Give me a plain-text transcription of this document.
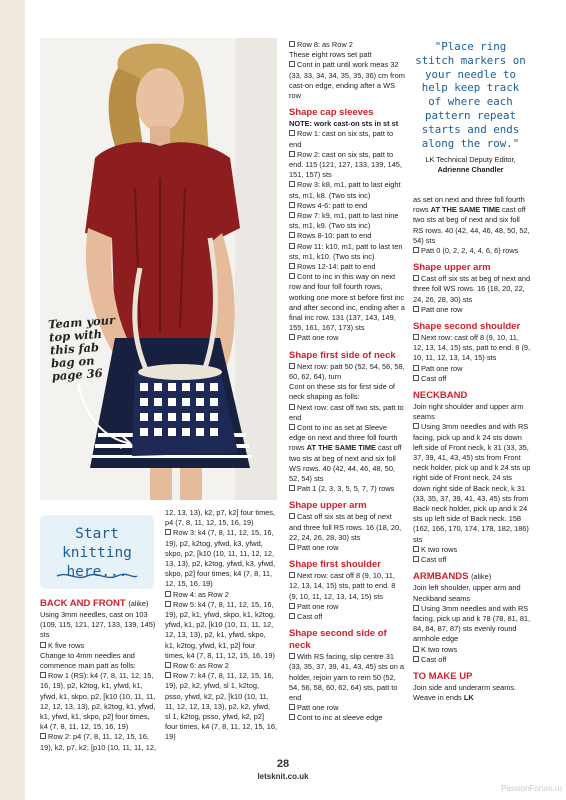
Team your top with this fab bag on page 36
Start
knitting
here...

BACK AND FRONT (alike)

Using 3mm needles, cast on 103 (109, 115, 121, 127, 133, 139, 145) sts

K five rows

Change to 4mm needles and commence main patt as folls:

Row 1 (RS): k4 (7, 8, 11, 12, 15, 16, 19), p2, k2tog, k1, yfwd, k1, yfwd, k1, skpo, p2, [k10 (10, 11, 11, 12, 12, 13, 13), p2, k2tog, k1, yfwd, k1, yfwd, k1, skpo, p2] four times, k4 (7, 8, 11, 12, 15, 16, 19)

Row 2: p4 (7, 8, 11, 12, 15, 16, 19), k2, p7, k2, [p10 (10, 11, 11, 12,

12, 13, 13), k2, p7, k2] four times, p4 (7, 8, 11, 12, 15, 16, 19)

Row 3: k4 (7, 8, 11, 12, 15, 16, 19), p2, k2tog, yfwd, k3, yfwd, skpo, p2, [k10 (10, 11, 11, 12, 12, 13, 13), p2, k2tog, yfwd, k3, yfwd, skpo, p2] four times, k4 (7, 8, 11, 12, 15, 16, 19)

Row 4: as Row 2

Row 5: k4 (7, 8, 11, 12, 15, 16, 19), p2, k1, yfwd, skpo, k1, k2tog, yfwd, k1, p2, [k10 (10, 11, 11, 12, 12, 13, 13), p2, k1, yfwd, skpo, k1, k2tog, yfwd, k1, p2] four times, k4 (7, 8, 11, 12, 15, 16, 19)

Row 6: as Row 2

Row 7: k4 (7, 8, 11, 12, 15, 16, 19), p2, k2, yfwd, sl 1, k2tog, psso, yfwd, k2, p2, [k10 (10, 11, 11, 12, 12, 13, 13), p2, k2, yfwd, sl 1, k2tog, psso, yfwd, k2, p2] four times, k4 (7, 8, 11, 12, 15, 16, 19)

Row 8: as Row 2

These eight rows set patt

Cont in patt until work meas 32 (33, 33, 34, 34, 35, 35, 36) cm from cast-on edge, ending after a WS row

Shape cap sleeves

NOTE: work cast-on sts in st st

Row 1: cast on six sts, patt to end

Row 2: cast on six sts, patt to end. 115 (121, 127, 133, 139, 145, 151, 157) sts

Row 3: k8, m1, patt to last eight sts, m1, k8. (Two sts inc)

Rows 4-6: patt to end

Row 7: k9, m1, patt to last nine sts, m1, k9. (Two sts inc)

Rows 8-10: patt to end

Row 11: k10, m1, patt to last ten sts, m1, k10. (Two sts inc)

Rows 12-14: patt to end

Cont to inc in this way on next row and four foll fourth rows, working one more st before first inc and after second inc, ending after a final inc row. 131 (137, 143, 149, 155, 161, 167, 173) sts

Patt one row

Shape first side of neck

Next row: patt 50 (52, 54, 56, 58, 60, 62, 64), turn

Cont on these sts for first side of neck shaping as folls:

Next row: cast off two sts, patt to end

Cont to inc as set at Sleeve edge on next and three foll fourth rows AT THE SAME TIME cast off two sts at beg of next and six foll WS rows. 40 (42, 44, 46, 48, 50, 52, 54) sts

Patt 1 (2, 3, 3, 5, 5, 7, 7) rows

Shape upper arm

Cast off six sts at beg of next and three foll RS rows. 16 (18, 20, 22, 24, 26, 28, 30) sts

Patt one row

Shape first shoulder

Next row: cast off 8 (9, 10, 11, 12, 13, 14, 15) sts, patt to end. 8 (9, 10, 11, 12, 13, 14, 15) sts

Patt one row

Cast off

Shape second side of neck

With RS facing, slip centre 31 (33, 35, 37, 39, 41, 43, 45) sts on a holder, rejoin yarn to rem 50 (52, 54, 56, 58, 60, 62, 64) sts, patt to end

Patt one row

Cont to inc at sleeve edge

"Place ring stitch markers on your needle to help keep track of where each pattern repeat starts and ends along the row."
LK Technical Deputy Editor,
Adrienne Chandler

as set on next and three foll fourth rows AT THE SAME TIME cast off two sts at beg of next and six foll RS rows. 40 (42, 44, 46, 48, 50, 52, 54) sts

Patt 0 (0, 2, 2, 4, 4, 6, 6) rows

Shape upper arm

Cast off six sts at beg of next and three foll WS rows. 16 (18, 20, 22, 24, 26, 28, 30) sts

Patt one row

Shape second shoulder

Next row: cast off 8 (9, 10, 11, 12, 13, 14, 15) sts, patt to end. 8 (9, 10, 11, 12, 13, 14, 15) sts

Patt one row

Cast off

NECKBAND

Join right shoulder and upper arm seams

Using 3mm needles and with RS facing, pick up and k 24 sts down left side of Front neck, k 31 (33, 35, 37, 39, 41, 43, 45) sts from Front neck holder, pick up and k 24 sts up right side of Front neck, 24 sts down right side of Back neck, k 31 (33, 35, 37, 39, 41, 43, 45) sts from Back neck holder, pick up and k 24 sts up left side of Back neck. 158 (162, 166, 170, 174, 178, 182, 186) sts

K two rows

Cast off

ARMBANDS (alike)

Join left shoulder, upper arm and Neckband seams

Using 3mm needles and with RS facing, pick up and k 78 (78, 81, 81, 84, 84, 87, 87) sts evenly round armhole edge

K two rows

Cast off

TO MAKE UP

Join side and underarm seams. Weave in ends LK

28
letsknit.co.uk
PassionForum.ru
